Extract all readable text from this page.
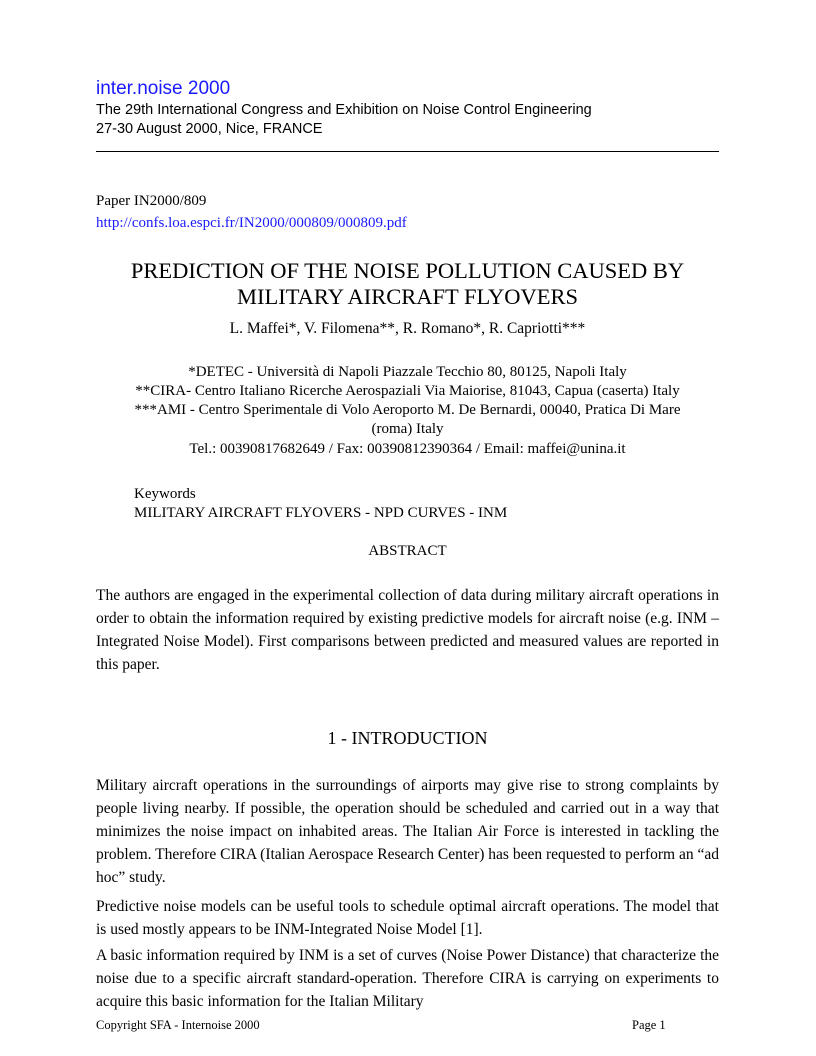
inter.noise 2000
The 29th International Congress and Exhibition on Noise Control Engineering
27-30 August 2000, Nice, FRANCE
Paper IN2000/809
http://confs.loa.espci.fr/IN2000/000809/000809.pdf
PREDICTION OF THE NOISE POLLUTION CAUSED BY
MILITARY AIRCRAFT FLYOVERS
L. Maffei*, V. Filomena**, R. Romano*, R. Capriotti***
*DETEC - Università di Napoli Piazzale Tecchio 80, 80125, Napoli Italy
**CIRA- Centro Italiano Ricerche Aerospaziali Via Maiorise, 81043, Capua (caserta) Italy
***AMI - Centro Sperimentale di Volo Aeroporto M. De Bernardi, 00040, Pratica Di Mare
(roma) Italy
Tel.: 00390817682649 / Fax: 00390812390364 / Email: maffei@unina.it
Keywords
MILITARY AIRCRAFT FLYOVERS - NPD CURVES - INM
ABSTRACT
The authors are engaged in the experimental collection of data during military aircraft operations in order to obtain the information required by existing predictive models for aircraft noise (e.g. INM – Integrated Noise Model). First comparisons between predicted and measured values are reported in this paper.
1 - INTRODUCTION
Military aircraft operations in the surroundings of airports may give rise to strong complaints by people living nearby. If possible, the operation should be scheduled and carried out in a way that minimizes the noise impact on inhabited areas. The Italian Air Force is interested in tackling the problem. Therefore CIRA (Italian Aerospace Research Center) has been requested to perform an “ad hoc” study.
Predictive noise models can be useful tools to schedule optimal aircraft operations. The model that is used mostly appears to be INM-Integrated Noise Model [1].
A basic information required by INM is a set of curves (Noise Power Distance) that characterize the noise due to a specific aircraft standard-operation. Therefore CIRA is carrying on experiments to acquire this basic information for the Italian Military
Copyright SFA - Internoise 2000	Page 1
